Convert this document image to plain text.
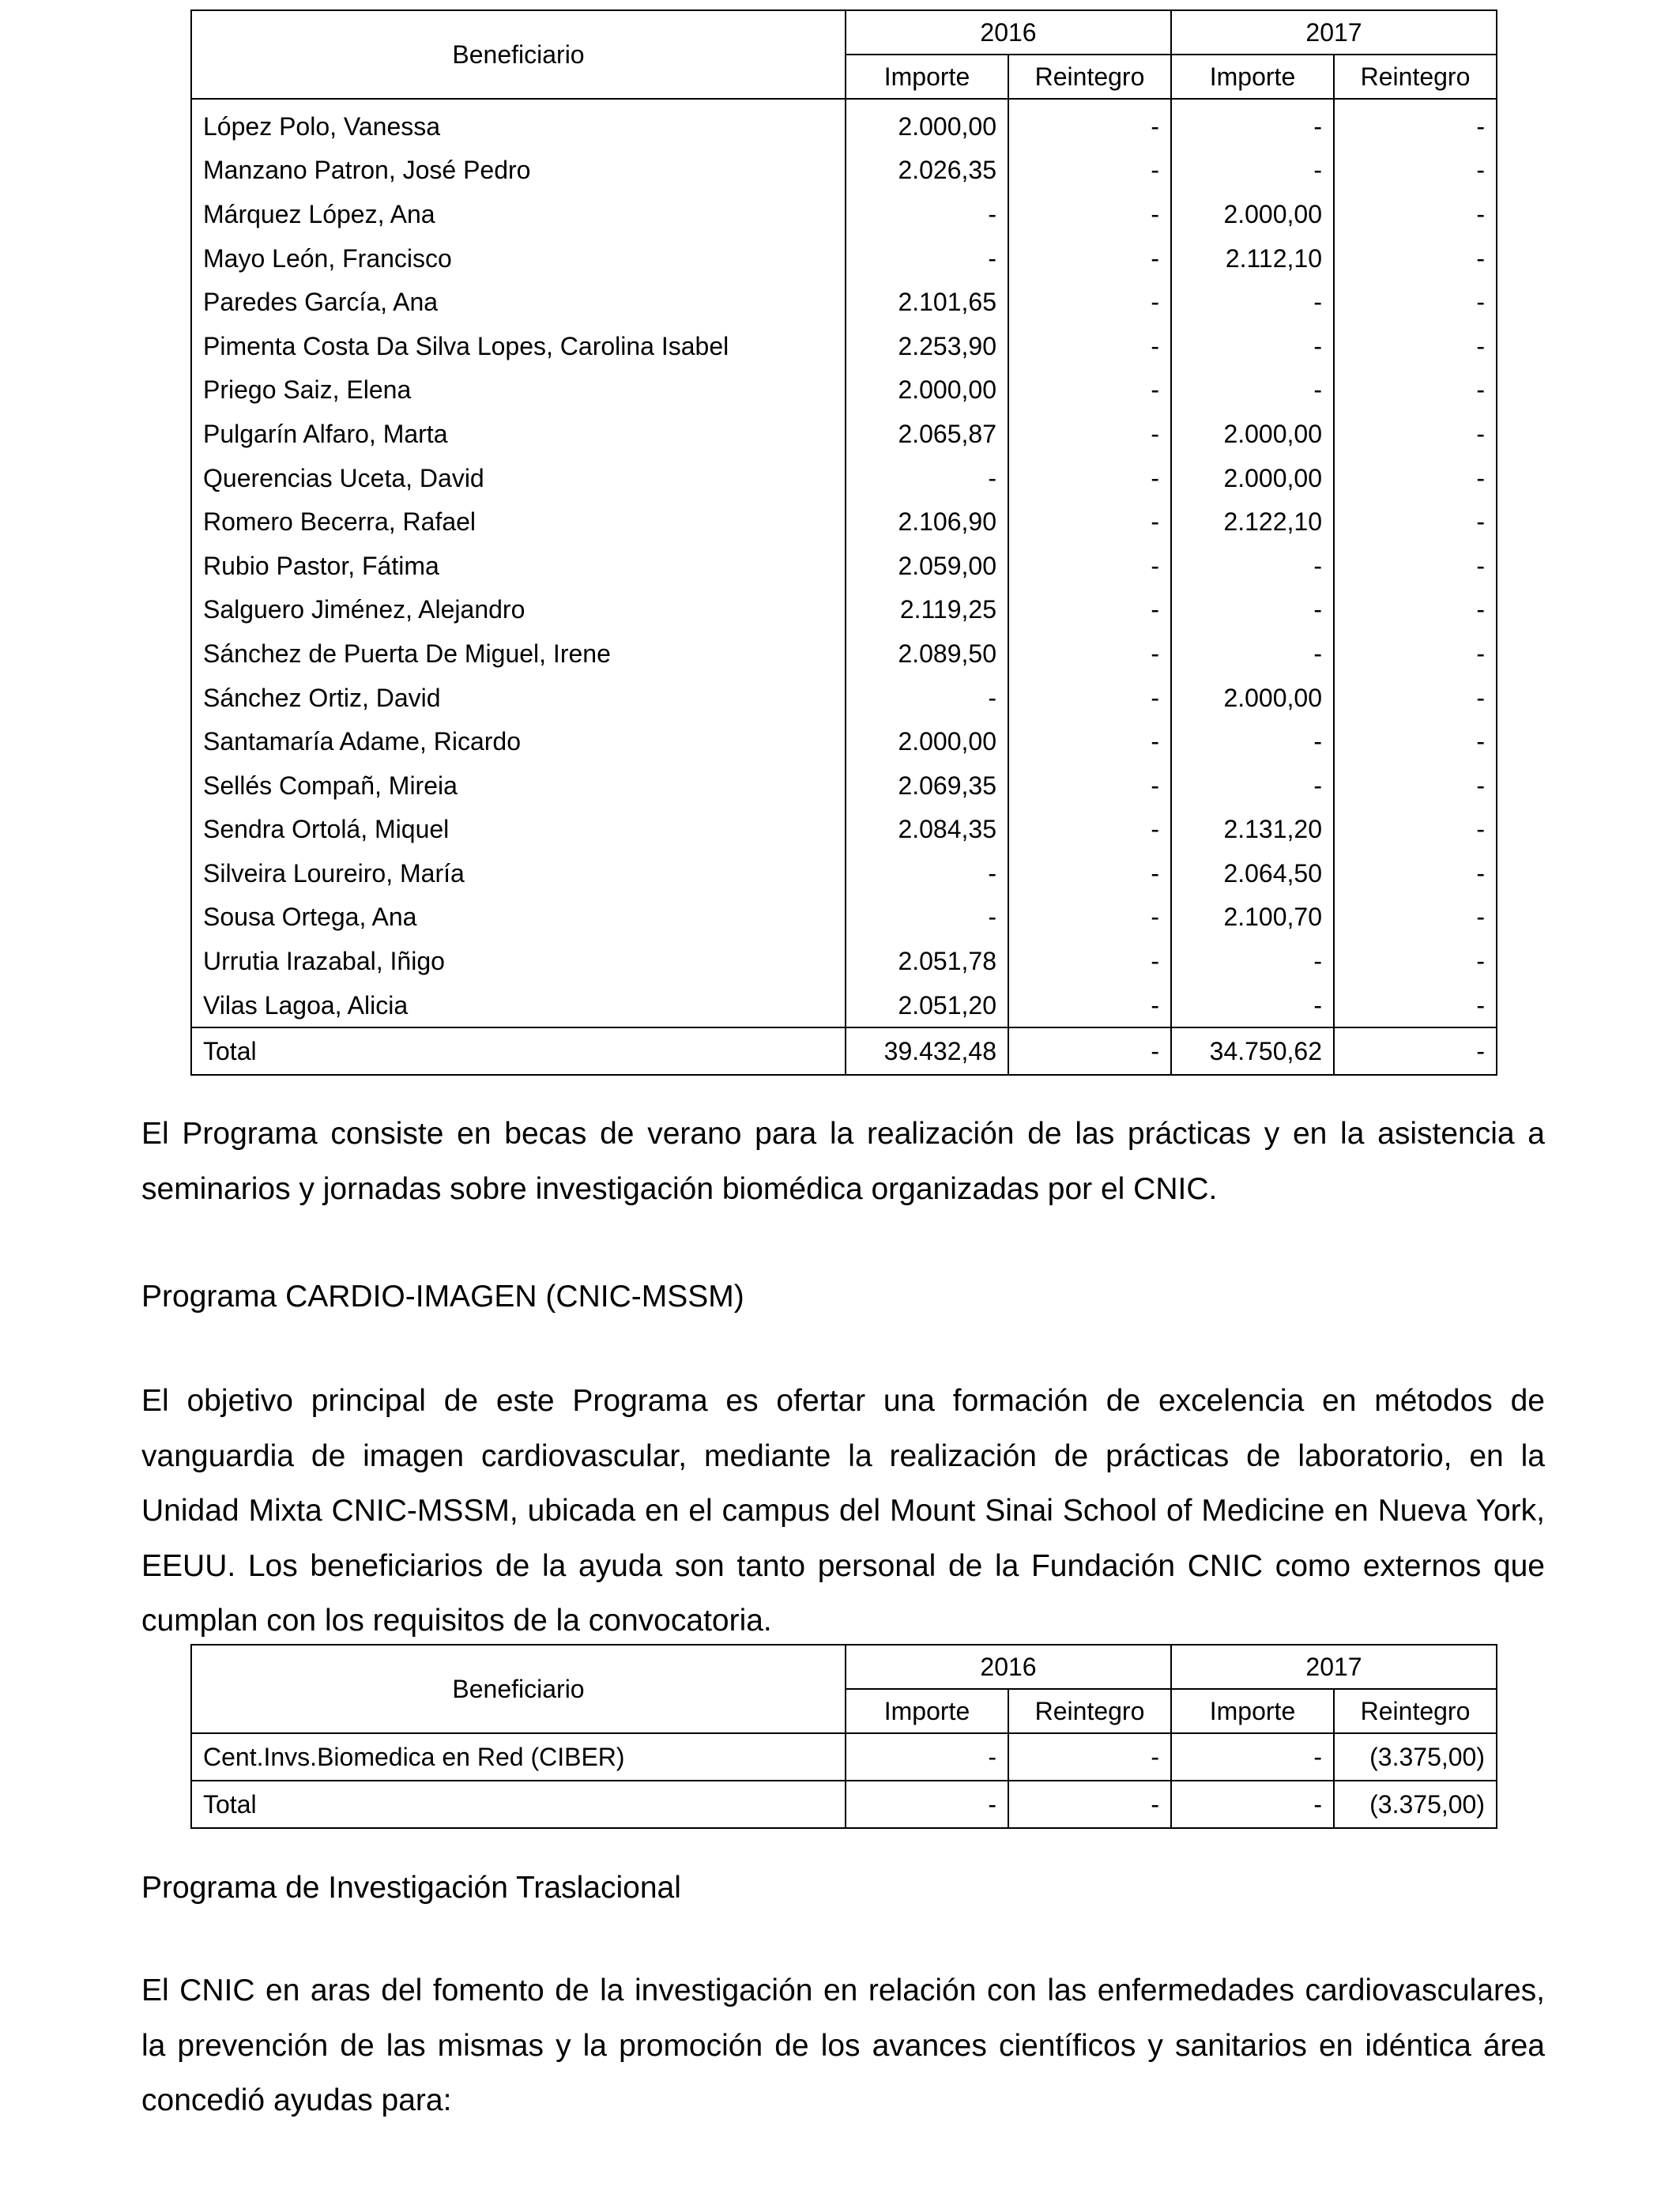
Beneficiario	2016		2017	
	Importe	Reintegro	Importe	Reintegro
López Polo, Vanessa	2.000,00	-	-	-
Manzano Patron, José Pedro	2.026,35	-	-	-
Márquez López, Ana	-	-	2.000,00	-
Mayo León, Francisco	-	-	2.112,10	-
Paredes García, Ana	2.101,65	-	-	-
Pimenta Costa Da Silva Lopes, Carolina Isabel	2.253,90	-	-	-
Priego Saiz, Elena	2.000,00	-	-	-
Pulgarín Alfaro, Marta	2.065,87	-	2.000,00	-
Querencias Uceta, David	-	-	2.000,00	-
Romero Becerra, Rafael	2.106,90	-	2.122,10	-
Rubio Pastor, Fátima	2.059,00	-	-	-
Salguero Jiménez, Alejandro	2.119,25	-	-	-
Sánchez de Puerta De Miguel, Irene	2.089,50	-	-	-
Sánchez Ortiz, David	-	-	2.000,00	-
Santamaría Adame, Ricardo	2.000,00	-	-	-
Sellés Compañ, Mireia	2.069,35	-	-	-
Sendra Ortolá, Miquel	2.084,35	-	2.131,20	-
Silveira Loureiro, María	-	-	2.064,50	-
Sousa Ortega, Ana	-	-	2.100,70	-
Urrutia Irazabal, Iñigo	2.051,78	-	-	-
Vilas Lagoa, Alicia	2.051,20	-	-	-
Total	39.432,48	-	34.750,62	-

El Programa consiste en becas de verano para la realización de las prácticas y en la asistencia a seminarios y jornadas sobre investigación biomédica organizadas por el CNIC.

Programa CARDIO-IMAGEN (CNIC-MSSM)

El objetivo principal de este Programa es ofertar una formación de excelencia en métodos de vanguardia de imagen cardiovascular, mediante la realización de prácticas de laboratorio, en la Unidad Mixta CNIC-MSSM, ubicada en el campus del Mount Sinai School of Medicine en Nueva York, EEUU. Los beneficiarios de la ayuda son tanto personal de la Fundación CNIC como externos que cumplan con los requisitos de la convocatoria.

Beneficiario	2016		2017	
	Importe	Reintegro	Importe	Reintegro
Cent.Invs.Biomedica en Red (CIBER)	-	-	-	(3.375,00)
Total	-	-	-	(3.375,00)

Programa de Investigación Traslacional

El CNIC en aras del fomento de la investigación en relación con las enfermedades cardiovasculares, la prevención de las mismas y la promoción de los avances científicos y sanitarios en idéntica área concedió ayudas para:
